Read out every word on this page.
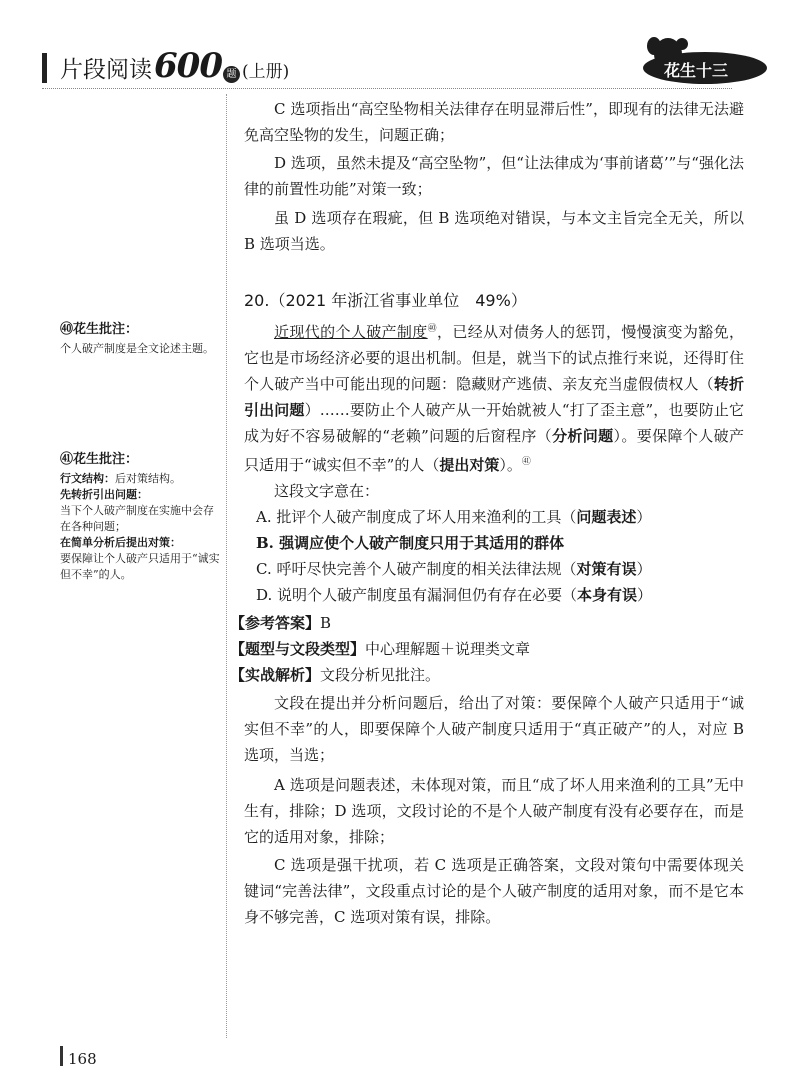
片段阅读 600 题 (上册)	花生十三

C 选项指出“高空坠物相关法律存在明显滞后性”，即现有的法律无法避免高空坠物的发生，问题正确；

D 选项，虽然未提及“高空坠物”，但“让法律成为‘事前诸葛’”与“强化法律的前置性功能”对策一致；

虽 D 选项存在瑕疵，但 B 选项绝对错误，与本文主旨完全无关，所以 B 选项当选。

20.（2021 年浙江省事业单位　49%）

近现代的个人破产制度$^㊵$，已经从对债务人的惩罚，慢慢演变为豁免，它也是市场经济必要的退出机制。但是，就当下的试点推行来说，还得盯住个人破产当中可能出现的问题：隐藏财产逃债、亲友充当虚假债权人（转折引出问题）……要防止个人破产从一开始就被人“打了歪主意”，也要防止它成为好不容易破解的“老赖”问题的后窗程序（分析问题）。要保障个人破产只适用于“诚实但不幸”的人（提出对策）。$^㊶$

这段文字意在：
A. 批评个人破产制度成了坏人用来渔利的工具（问题表述）
B. 强调应使个人破产制度只用于其适用的群体
C. 呼吁尽快完善个人破产制度的相关法律法规（对策有误）
D. 说明个人破产制度虽有漏洞但仍有存在必要（本身有误）
【参考答案】B
【题型与文段类型】中心理解题＋说理类文章
【实战解析】文段分析见批注。

文段在提出并分析问题后，给出了对策：要保障个人破产只适用于“诚实但不幸”的人，即要保障个人破产制度只适用于“真正破产”的人，对应 B 选项，当选；

A 选项是问题表述，未体现对策，而且“成了坏人用来渔利的工具”无中生有，排除；D 选项，文段讨论的不是个人破产制度有没有必要存在，而是它的适用对象，排除；

C 选项是强干扰项，若 C 选项是正确答案，文段对策句中需要体现关键词“完善法律”，文段重点讨论的是个人破产制度的适用对象，而不是它本身不够完善，C 选项对策有误，排除。

㊵花生批注：
个人破产制度是全文论述主题。
㊶花生批注：
行文结构：后对策结构。
先转折引出问题：
当下个人破产制度在实施中会存在各种问题；
在简单分析后提出对策：
要保障让个人破产只适用于“诚实但不幸”的人。
168
